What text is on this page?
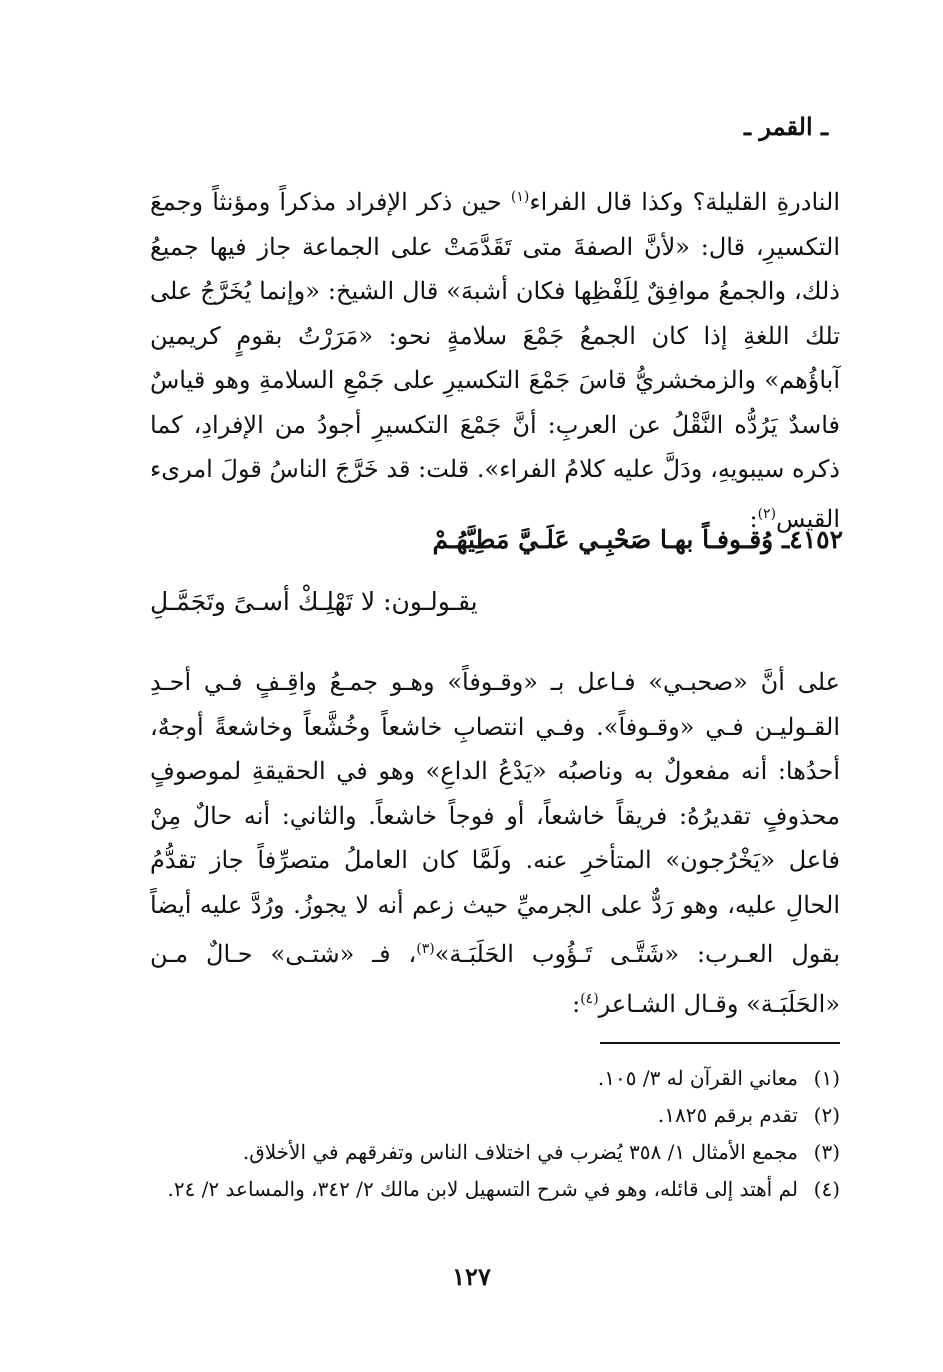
ـ القمر ـ

النادرةِ القليلة؟ وكذا قال الفراء$^{(١)}$ حين ذكر الإفراد مذكراً ومؤنثاً وجمعَ التكسيرِ، قال: «لأنَّ الصفةَ متى تَقَدَّمَتْ على الجماعة جاز فيها جميعُ ذلك، والجمعُ موافِقٌ لِلَفْظِها فكان أشبهَ» قال الشيخ: «وإنما يُخَرَّجُ على تلك اللغةِ إذا كان الجمعُ جَمْعَ سلامةٍ نحو: «مَرَرْتُ بقومٍ كريمين آباؤُهم» والزمخشريُّ قاسَ جَمْعَ التكسيرِ على جَمْعِ السلامةِ وهو قياسٌ فاسدٌ يَرُدُّه النَّقْلُ عن العربِ: أنَّ جَمْعَ التكسيرِ أجودُ من الإفرادِ، كما ذكره سيبويهِ، ودَلَّ عليه كلامُ الفراء». قلت: قد خَرَّجَ الناسُ قولَ امرىء القيس$^{(٢)}$:

٤١٥٢ـ وُقـوفـاً بهـا صَحْبِـي عَلَـيَّ مَطِيَّهُـمْ
يقـولـون: لا تَهْلِـكْ أسـىً وتَجَمَّـلِ

على أنَّ «صحبـي» فـاعل بـ «وقـوفاً» وهـو جمـعُ واقِـفٍ فـي أحـدِ القـوليـن فـي «وقـوفاً». وفـي انتصابِ خاشعاً وخُشَّعاً وخاشعةً أوجهٌ، أحدُها: أنه مفعولٌ به وناصبُه «يَدْعُ الداعِ» وهو في الحقيقةِ لموصوفٍ محذوفٍ تقديرُهُ: فريقاً خاشعاً، أو فوجاً خاشعاً. والثاني: أنه حالٌ مِنْ فاعل «يَخْرُجون» المتأخرِ عنه. ولَمَّا كان العاملُ متصرِّفاً جاز تقدُّمُ الحالِ عليه، وهو رَدٌّ على الجرميِّ حيث زعم أنه لا يجوزُ. ورُدَّ عليه أيضاً بقول العـرب: «شَتَّـى تَـؤُوب الحَلَبَـة»$^{(٣)}$، فـ «شتـى» حـالٌ مـن «الحَلَبَـة» وقـال الشـاعر$^{(٤)}$:

(١)
معاني القرآن له ٣/ ١٠٥.
(٢)
تقدم برقم ١٨٢٥.
(٣)
مجمع الأمثال ١/ ٣٥٨ يُضرب في اختلاف الناس وتفرقهم في الأخلاق.
(٤)
لم أهتد إلى قائله، وهو في شرح التسهيل لابن مالك ٢/ ٣٤٢، والمساعد ٢/ ٢٤.
١٢٧
